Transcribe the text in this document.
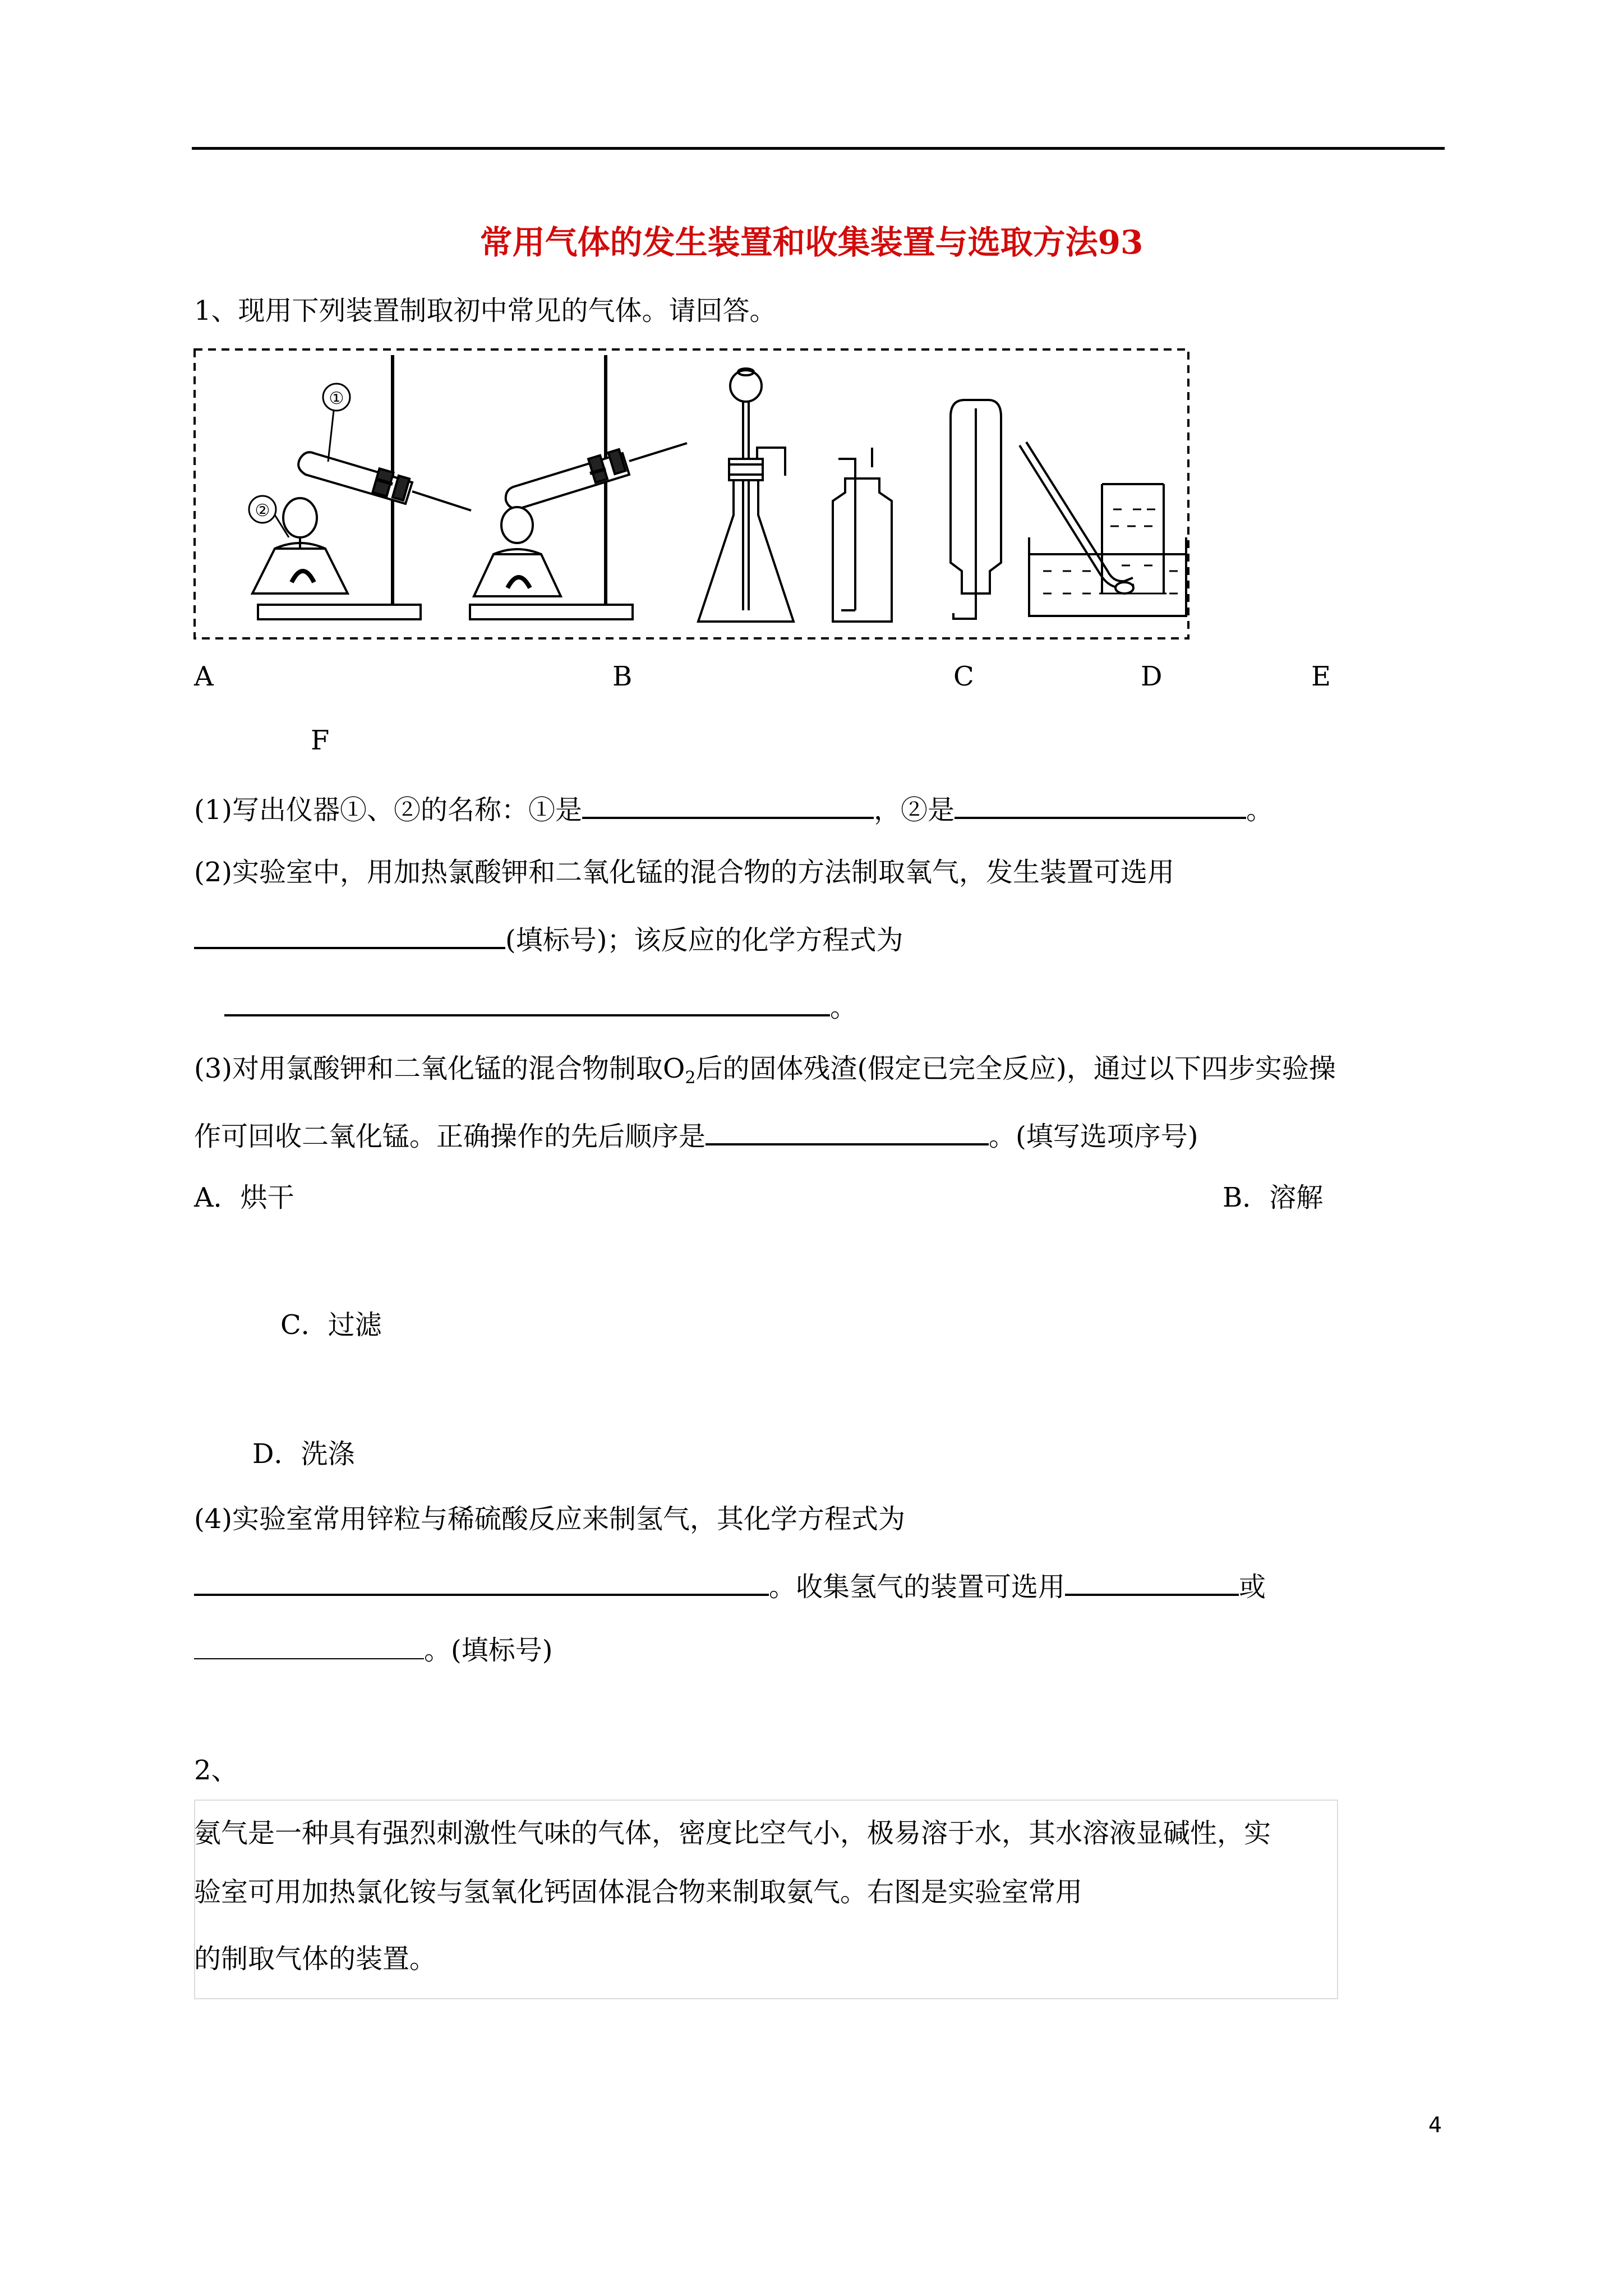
常用气体的发生装置和收集装置与选取方法93
1、现用下列装置制取初中常见的气体。请回答。
①
②
A	B	C	D	E
F
(1)写出仪器①、②的名称：①是	，②是	。
(2)实验室中，用加热氯酸钾和二氧化锰的混合物的方法制取氧气，发生装置可选用
(填标号)；该反应的化学方程式为
。
(3)对用氯酸钾和二氧化锰的混合物制取$O_2$后的固体残渣(假定已完全反应)，通过以下四步实验操
作可回收二氧化锰。正确操作的先后顺序是	。(填写选项序号)
A．烘干	B．溶解
C．过滤
D．洗涤
(4)实验室常用锌粒与稀硫酸反应来制氢气，其化学方程式为
。收集氢气的装置可选用	或
。(填标号)
2、
氨气是一种具有强烈刺激性气味的气体，密度比空气小，极易溶于水，其水溶液显碱性，实
验室可用加热氯化铵与氢氧化钙固体混合物来制取氨气。右图是实验室常用
的制取气体的装置。
4
